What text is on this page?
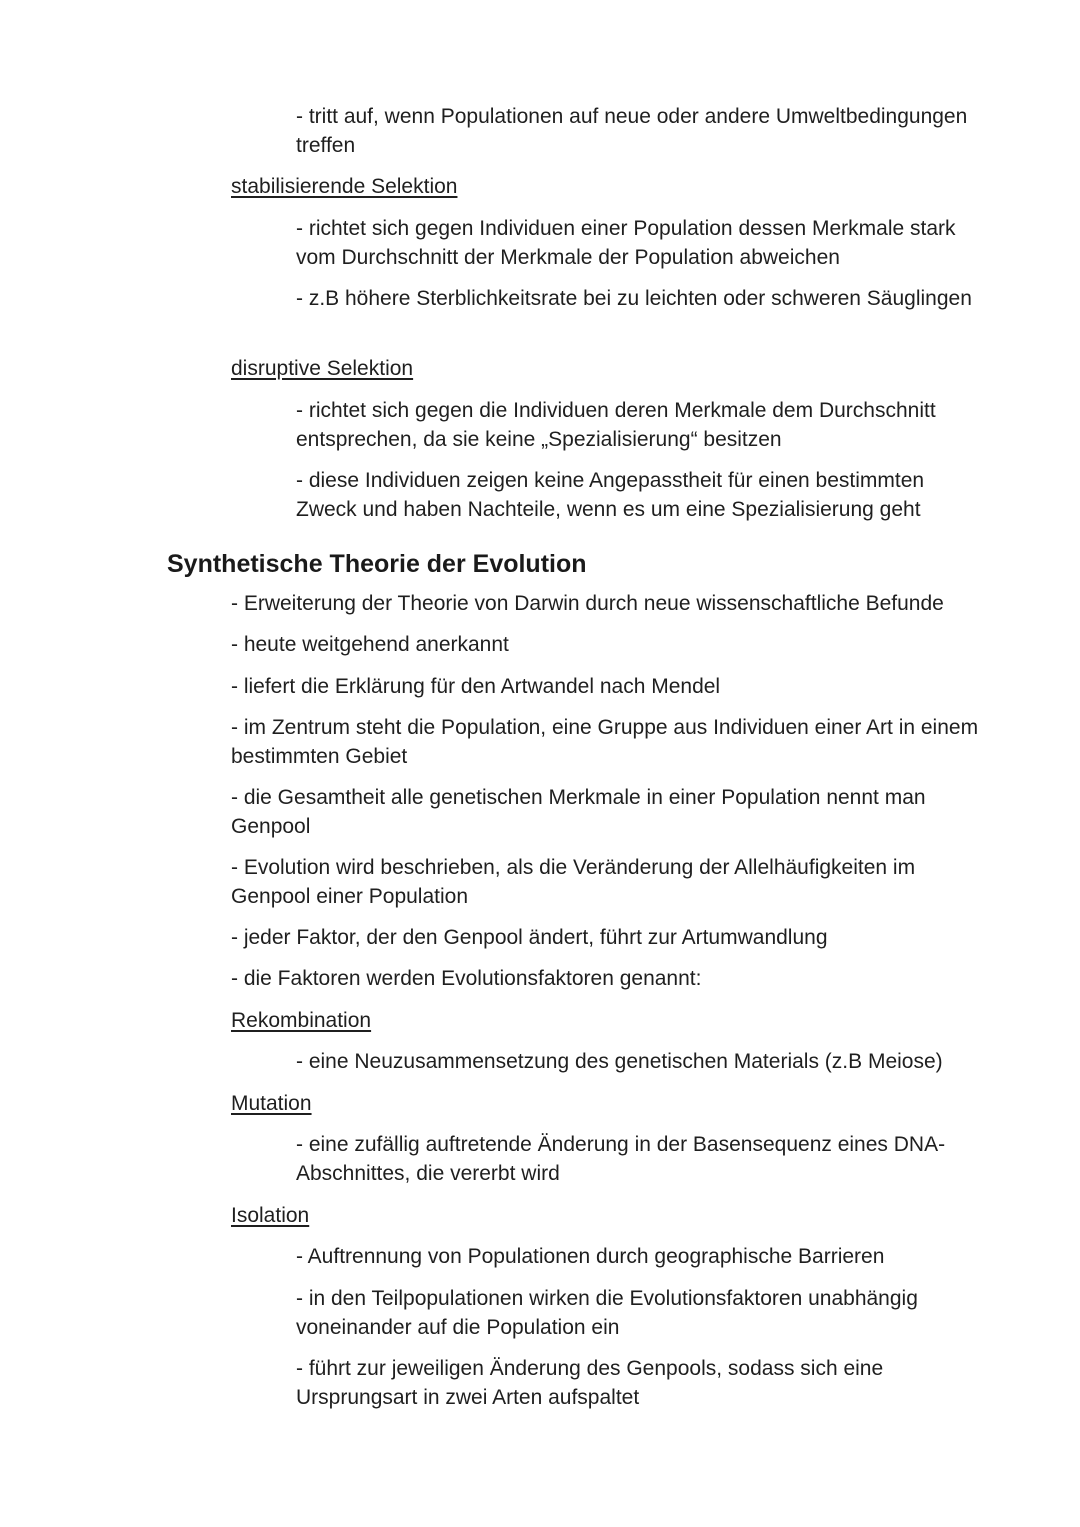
- tritt auf, wenn Populationen auf neue oder andere Umweltbedingungen treffen

stabilisierende Selektion

- richtet sich gegen Individuen einer Population dessen Merkmale stark vom Durchschnitt der Merkmale der Population abweichen

- z.B höhere Sterblichkeitsrate bei zu leichten oder schweren Säuglingen

disruptive Selektion

- richtet sich gegen die Individuen deren Merkmale dem Durchschnitt entsprechen, da sie keine „Spezialisierung“ besitzen

- diese Individuen zeigen keine Angepasstheit für einen bestimmten Zweck und haben Nachteile, wenn es um eine Spezialisierung geht

Synthetische Theorie der Evolution

- Erweiterung der Theorie von Darwin durch neue wissenschaftliche Befunde

- heute weitgehend anerkannt

- liefert die Erklärung für den Artwandel nach Mendel

- im Zentrum steht die Population, eine Gruppe aus Individuen einer Art in einem bestimmten Gebiet

- die Gesamtheit alle genetischen Merkmale in einer Population nennt man Genpool

- Evolution wird beschrieben, als die Veränderung der Allelhäufigkeiten im Genpool einer Population

- jeder Faktor, der den Genpool ändert, führt zur Artumwandlung

- die Faktoren werden Evolutionsfaktoren genannt:

Rekombination

- eine Neuzusammensetzung des genetischen Materials (z.B Meiose)

Mutation

- eine zufällig auftretende Änderung in der Basensequenz eines DNA-Abschnittes, die vererbt wird

Isolation

- Auftrennung von Populationen durch geographische Barrieren

- in den Teilpopulationen wirken die Evolutionsfaktoren unabhängig voneinander auf die Population ein

- führt zur jeweiligen Änderung des Genpools, sodass sich eine Ursprungsart in zwei Arten aufspaltet
